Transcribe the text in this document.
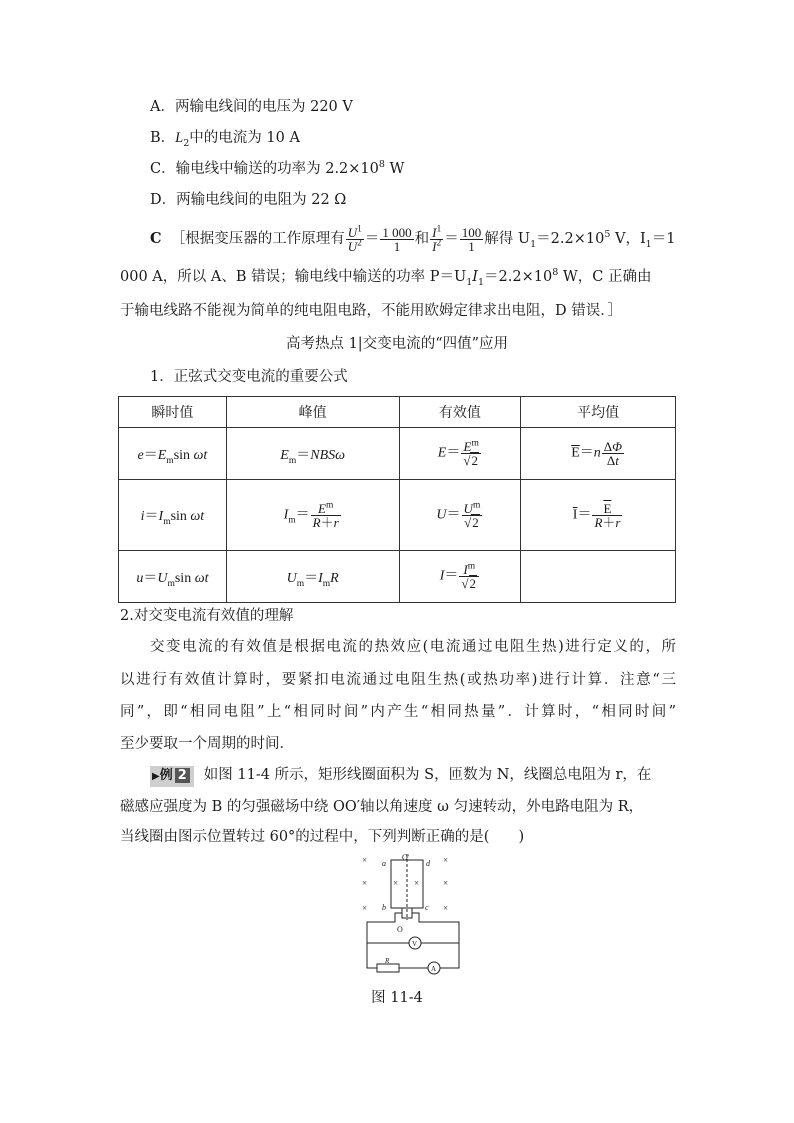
A．两输电线间的电压为 220 V
B．$L_2$中的电流为 10 A
C．输电线中输送的功率为 $2.2\times 10^8$ W
D．两输电线间的电阻为 22 Ω
C ［根据变压器的工作原理有 $\frac{U^1}{U^2} = \frac{1 000}{1}$ 和 $\frac{I^1}{I^2} = \frac{100}{1}$ 解得 $U_1=2.2\times 10^5$ V，$I_1=1$
000 A，所以 A、B 错误；输电线中输送的功率 $P=U_1I_1=2.2\times 10^8$ W，C 正确由
于输电线路不能视为简单的纯电阻电路，不能用欧姆定律求出电阻，D 错误．］
高考热点 1|交变电流的“四值”应用
1．正弦式交变电流的重要公式
瞬时值	峰值	有效值	平均值
$e=E_m\sin$ ωt	$E_m=NBS\omega$	$E= \frac{E^m}{√2}$	$\overline{E}=n \frac{\Delta\Phi}{\Delta t}$

$i=I_m\sin$ ωt	$I_m= \frac{E^m}{R+r}$	$U= \frac{U^m}{√2}$	$\overline{I}= \frac{\overline{E}}{R+r}$

$u=U_m\sin$ ωt	$U_m=I_mR$	$I= \frac{I^m}{√2}$

2.对交变电流有效值的理解
交变电流的有效值是根据电流的热效应(电流通过电阻生热)进行定义的，所
以进行有效值计算时，要紧扣电流通过电阻生热(或热功率)进行计算．注意“三
同”，即“相同电阻”上“相同时间”内产生“相同热量”．计算时，“相同时间”
至少要取一个周期的时间．
▶例 2 如图 11-4 所示，矩形线圈面积为 S，匝数为 N，线圈总电阻为 r，在
磁感应强度为 B 的匀强磁场中绕 OO′轴以角速度 ω 匀速转动，外电路电阻为 R，
当线圈由图示位置转过 60°的过程中，下列判断正确的是(　　)
×	×
×	× ×	×
×	×
O′
a	d
b	c
O
V
A
R
图 11-4
